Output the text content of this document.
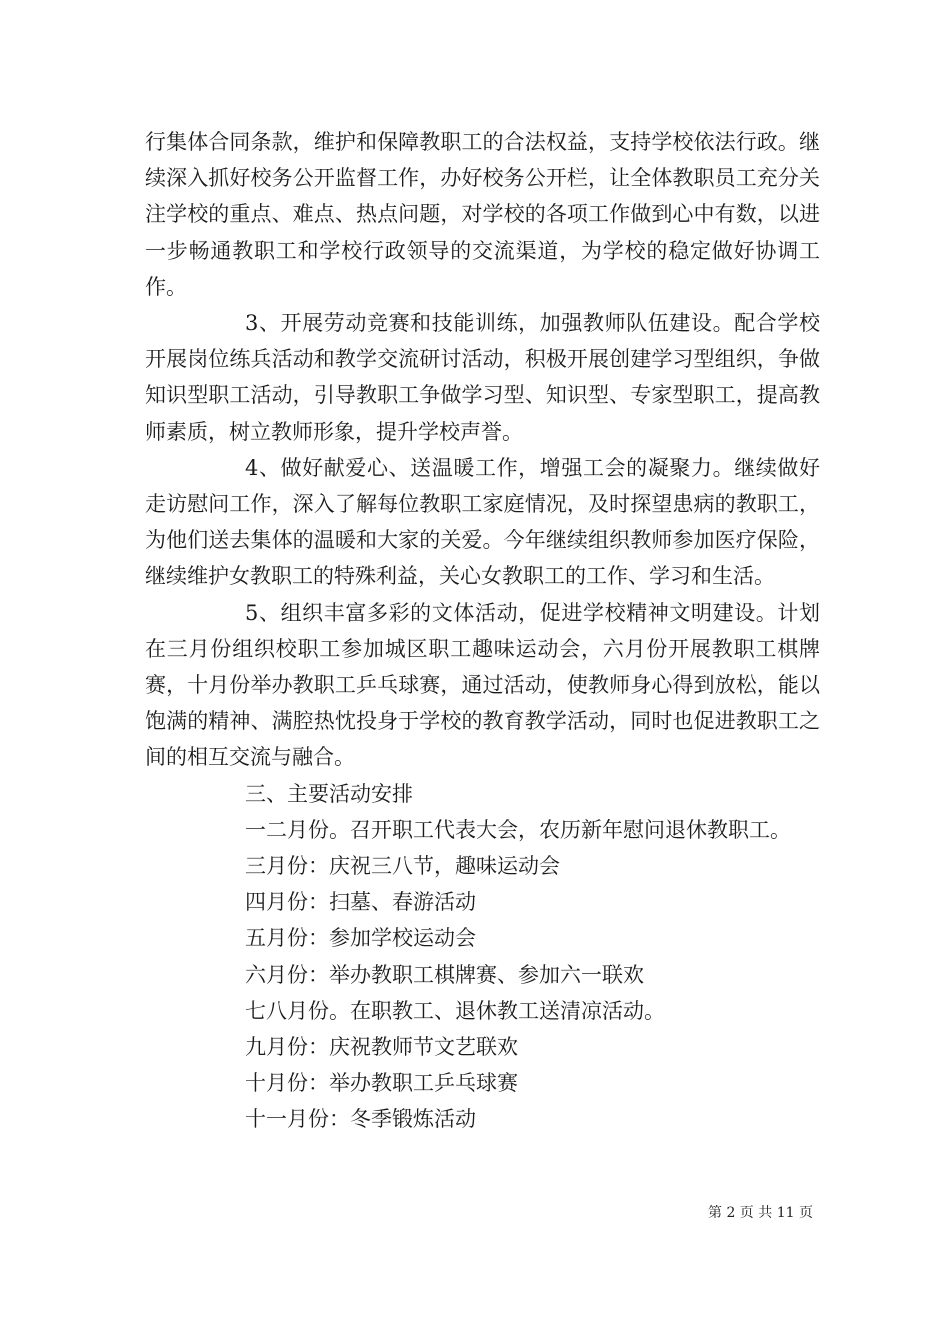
行集体合同条款，维护和保障教职工的合法权益，支持学校依法行政。继续深入抓好校务公开监督工作，办好校务公开栏，让全体教职员工充分关注学校的重点、难点、热点问题，对学校的各项工作做到心中有数，以进一步畅通教职工和学校行政领导的交流渠道，为学校的稳定做好协调工作。

3、开展劳动竞赛和技能训练，加强教师队伍建设。配合学校开展岗位练兵活动和教学交流研讨活动，积极开展创建学习型组织，争做知识型职工活动，引导教职工争做学习型、知识型、专家型职工，提高教师素质，树立教师形象，提升学校声誉。

4、做好献爱心、送温暖工作，增强工会的凝聚力。继续做好走访慰问工作，深入了解每位教职工家庭情况，及时探望患病的教职工，为他们送去集体的温暖和大家的关爱。今年继续组织教师参加医疗保险，继续维护女教职工的特殊利益，关心女教职工的工作、学习和生活。

5、组织丰富多彩的文体活动，促进学校精神文明建设。计划在三月份组织校职工参加城区职工趣味运动会，六月份开展教职工棋牌赛，十月份举办教职工乒乓球赛，通过活动，使教师身心得到放松，能以饱满的精神、满腔热忱投身于学校的教育教学活动，同时也促进教职工之间的相互交流与融合。

三、主要活动安排

一二月份。召开职工代表大会，农历新年慰问退休教职工。

三月份：庆祝三八节，趣味运动会

四月份：扫墓、春游活动

五月份：参加学校运动会

六月份：举办教职工棋牌赛、参加六一联欢

七八月份。在职教工、退休教工送清凉活动。

九月份：庆祝教师节文艺联欢

十月份：举办教职工乒乓球赛

十一月份：冬季锻炼活动

第 2 页 共 11 页
